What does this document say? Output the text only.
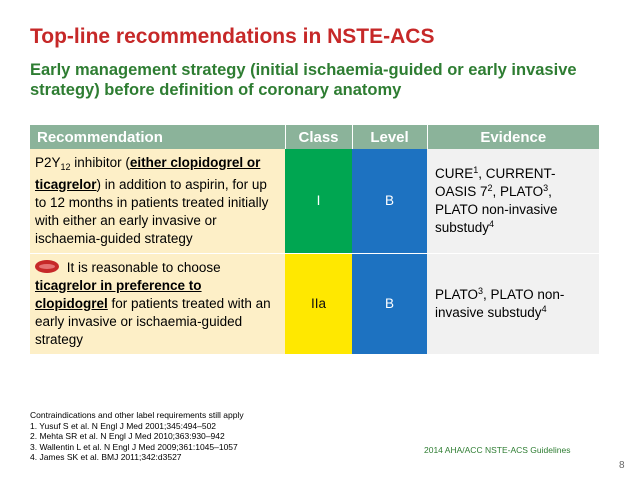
Top-line recommendations in NSTE-ACS
Early management strategy (initial ischaemia-guided or early invasive strategy) before definition of coronary anatomy
Recommendation	Class	Level	Evidence
$P2Y_{12}$ inhibitor (either clopidogrel or ticagrelor) in addition to aspirin, for up to 12 months in patients treated initially with either an early invasive or ischaemia-guided strategy	I	B	CURE$^1$, CURRENT-OASIS $7^2$, PLATO$^3$, PLATO non-invasive substudy$^4$
It is reasonable to choose ticagrelor in preference to clopidogrel for patients treated with an early invasive or ischaemia-guided strategy	IIa	B	PLATO$^3$, PLATO non-invasive substudy$^4$
Contraindications and other label requirements still apply
1. Yusuf S et al. N Engl J Med 2001;345:494–502
2. Mehta SR et al. N Engl J Med 2010;363:930–942
3. Wallentin L et al. N Engl J Med 2009;361:1045–1057
4. James SK et al. BMJ 2011;342:d3527
2014 AHA/ACC NSTE-ACS Guidelines
8
